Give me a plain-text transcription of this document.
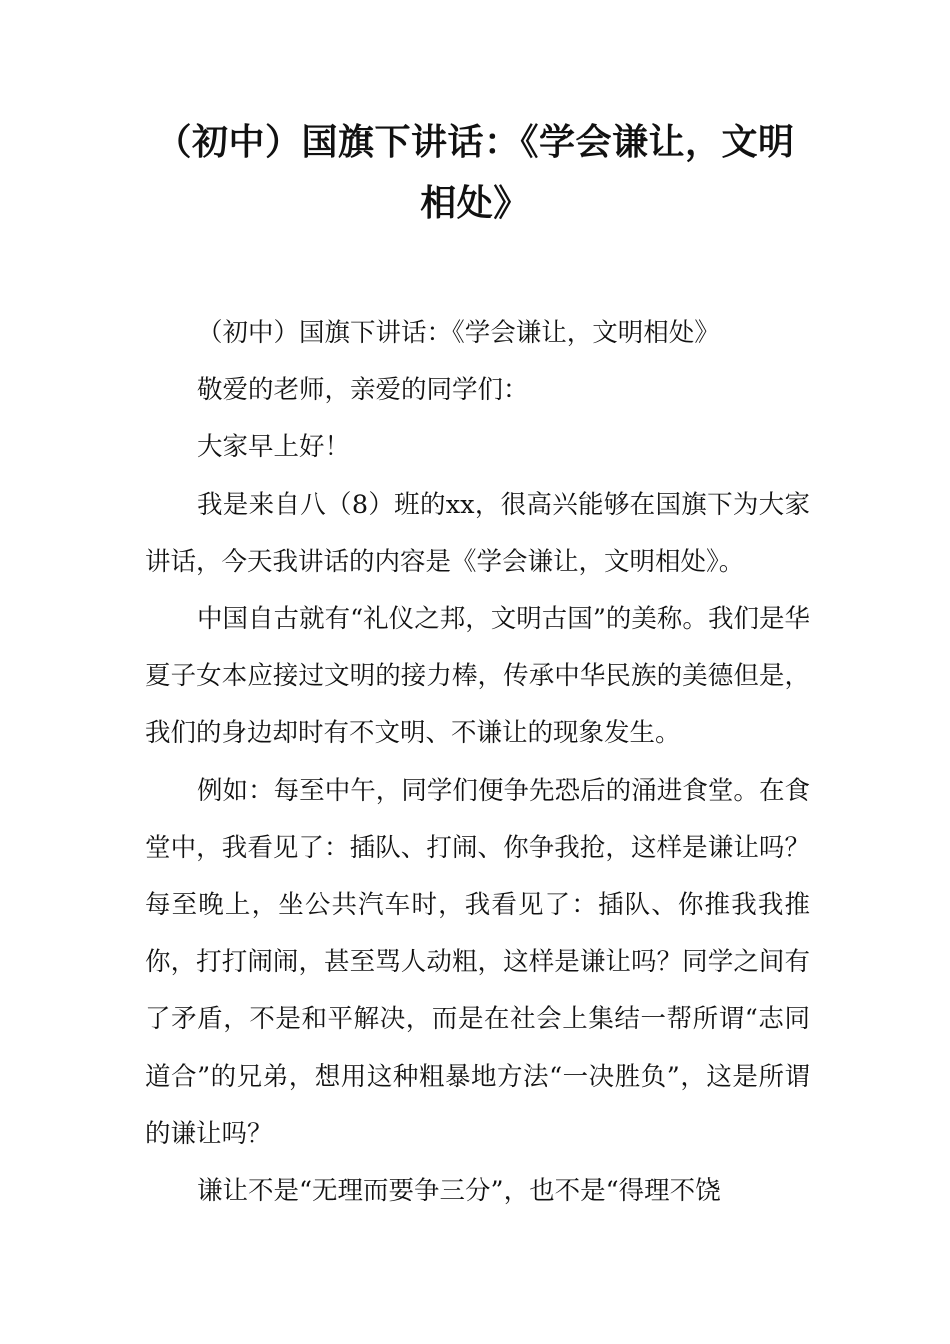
（初中）国旗下讲话：《学会谦让，文明相处》

（初中）国旗下讲话：《学会谦让，文明相处》

敬爱的老师，亲爱的同学们：

大家早上好！

我是来自八（8）班的xx，很高兴能够在国旗下为大家讲话，今天我讲话的内容是《学会谦让，文明相处》。

中国自古就有“礼仪之邦，文明古国”的美称。我们是华夏子女本应接过文明的接力棒，传承中华民族的美德但是，我们的身边却时有不文明、不谦让的现象发生。

例如：每至中午，同学们便争先恐后的涌进食堂。在食堂中，我看见了：插队、打闹、你争我抢，这样是谦让吗？每至晚上，坐公共汽车时，我看见了：插队、你推我我推你，打打闹闹，甚至骂人动粗，这样是谦让吗？同学之间有了矛盾，不是和平解决，而是在社会上集结一帮所谓“志同道合”的兄弟，想用这种粗暴地方法“一决胜负”，这是所谓的谦让吗？

谦让不是“无理而要争三分”，也不是“得理不饶
